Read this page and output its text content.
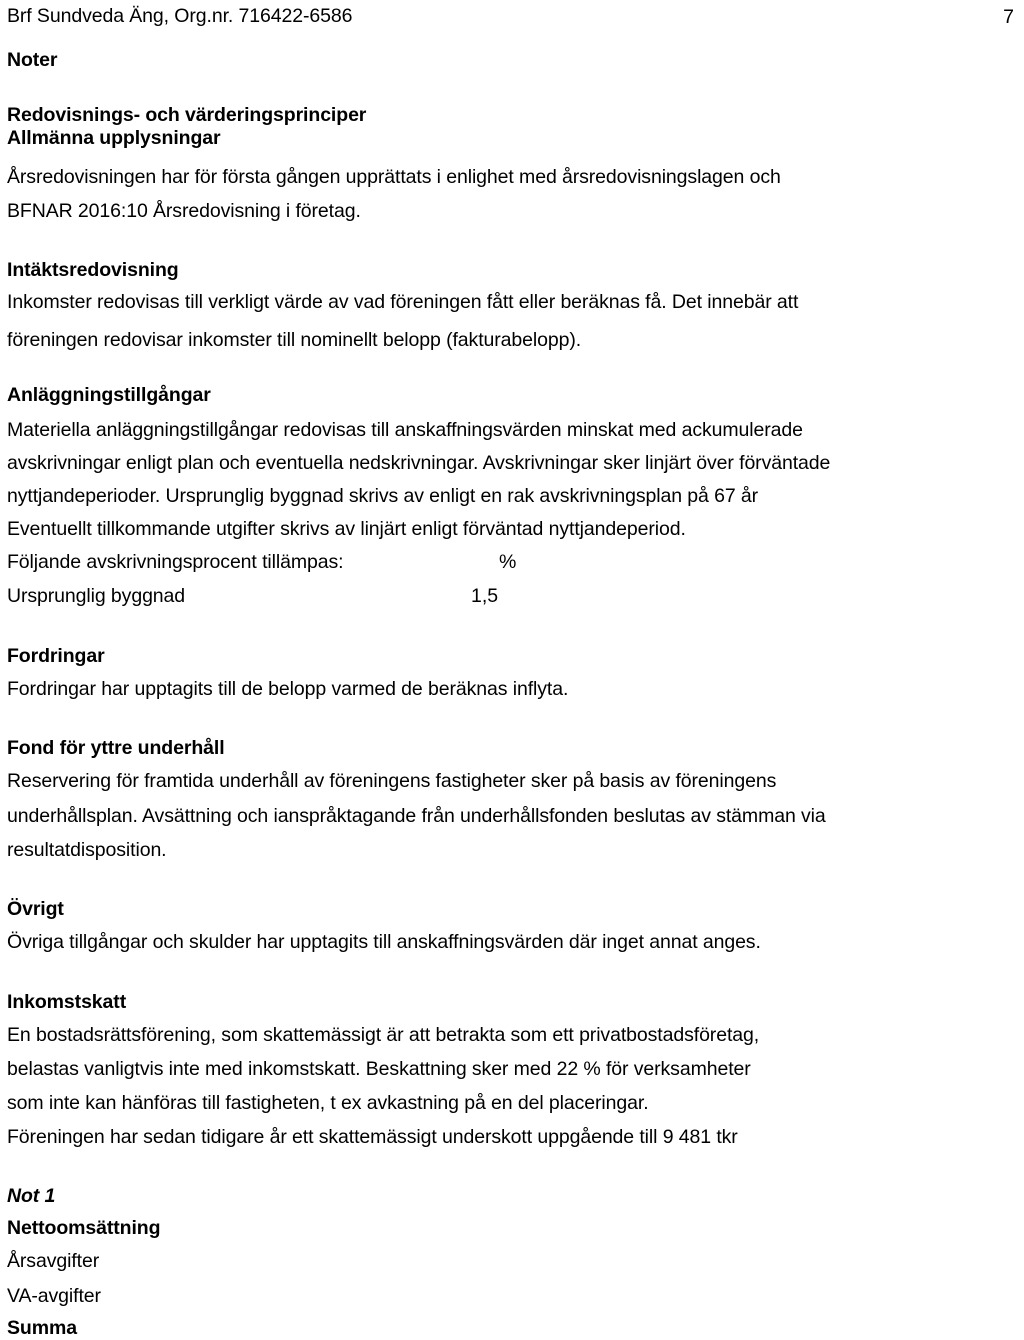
Brf Sundveda Äng, Org.nr. 716422-6586	7
Noter
Redovisnings- och värderingsprinciper
Allmänna upplysningar
Årsredovisningen har för första gången upprättats i enlighet med årsredovisningslagen och
BFNAR 2016:10 Årsredovisning i företag.
Intäktsredovisning
Inkomster redovisas till verkligt värde av vad föreningen fått eller beräknas få. Det innebär att
föreningen redovisar inkomster till nominellt belopp (fakturabelopp).
Anläggningstillgångar
Materiella anläggningstillgångar redovisas till anskaffningsvärden minskat med ackumulerade
avskrivningar enligt plan och eventuella nedskrivningar. Avskrivningar sker linjärt över förväntade
nyttjandeperioder. Ursprunglig byggnad skrivs av enligt en rak avskrivningsplan på 67 år
Eventuellt tillkommande utgifter skrivs av linjärt enligt förväntad nyttjandeperiod.
Följande avskrivningsprocent tillämpas:	%
Ursprunglig byggnad	1,5
Fordringar
Fordringar har upptagits till de belopp varmed de beräknas inflyta.
Fond för yttre underhåll
Reservering för framtida underhåll av föreningens fastigheter sker på basis av föreningens
underhållsplan. Avsättning och ianspråktagande från underhållsfonden beslutas av stämman via
resultatdisposition.
Övrigt
Övriga tillgångar och skulder har upptagits till anskaffningsvärden där inget annat anges.
Inkomstskatt
En bostadsrättsförening, som skattemässigt är att betrakta som ett privatbostadsföretag,
belastas vanligtvis inte med inkomstskatt. Beskattning sker med 22 % för verksamheter
som inte kan hänföras till fastigheten, t ex avkastning på en del placeringar.
Föreningen har sedan tidigare år ett skattemässigt underskott uppgående till 9 481 tkr
Not 1
Nettoomsättning
Årsavgifter
VA-avgifter
Summa
